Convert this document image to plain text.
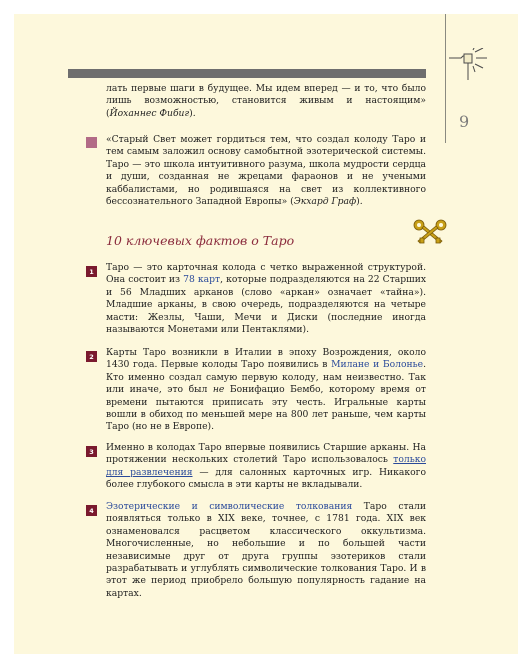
9

лать первые шаги в будущее. Мы идем вперед — и то, что было лишь возможностью, становится живым и настоящим» (Йоханнес Фибиг).

«Старый Свет может гордиться тем, что создал колоду Таро и тем самым заложил основу самобытной эзотерической системы. Таро — это школа интуитивного разума, школа мудрости сердца и души, созданная не жрецами фараонов и не учеными каббалистами, но родившаяся на свет из коллективного бессознательного Западной Европы» (Экхард Граф).

10 ключевых фактов о Таро
1	Таро — это карточная колода с четко выраженной структурой. Она состоит из 78 карт, которые подразделяются на 22 Старших и 56 Младших арканов (слово «аркан» означает «тайна»). Младшие арканы, в свою очередь, подразделяются на четыре масти: Жезлы, Чаши, Мечи и Диски (последние иногда называются Монетами или Пентаклями).

2	Карты Таро возникли в Италии в эпоху Возрождения, около 1430 года. Первые колоды Таро появились в Милане и Болонье. Кто именно создал самую первую колоду, нам неизвестно. Так или иначе, это был не Бонифацио Бембо, которому время от времени пытаются приписать эту честь. Игральные карты вошли в обиход по меньшей мере на 800 лет раньше, чем карты Таро (но не в Европе).

3	Именно в колодах Таро впервые появились Старшие арканы. На протяжении нескольких столетий Таро использовалось только для развлечения — для салонных карточных игр. Никакого более глубокого смысла в эти карты не вкладывали.

4	Эзотерические и символические толкования Таро стали появляться только в XIX веке, точнее, с 1781 года. XIX век ознаменовался расцветом классического оккультизма. Многочисленные, но небольшие и по большей части независимые друг от друга группы эзотериков стали разрабатывать и углублять символические толкования Таро. И в этот же период приобрело большую популярность гадание на картах.
